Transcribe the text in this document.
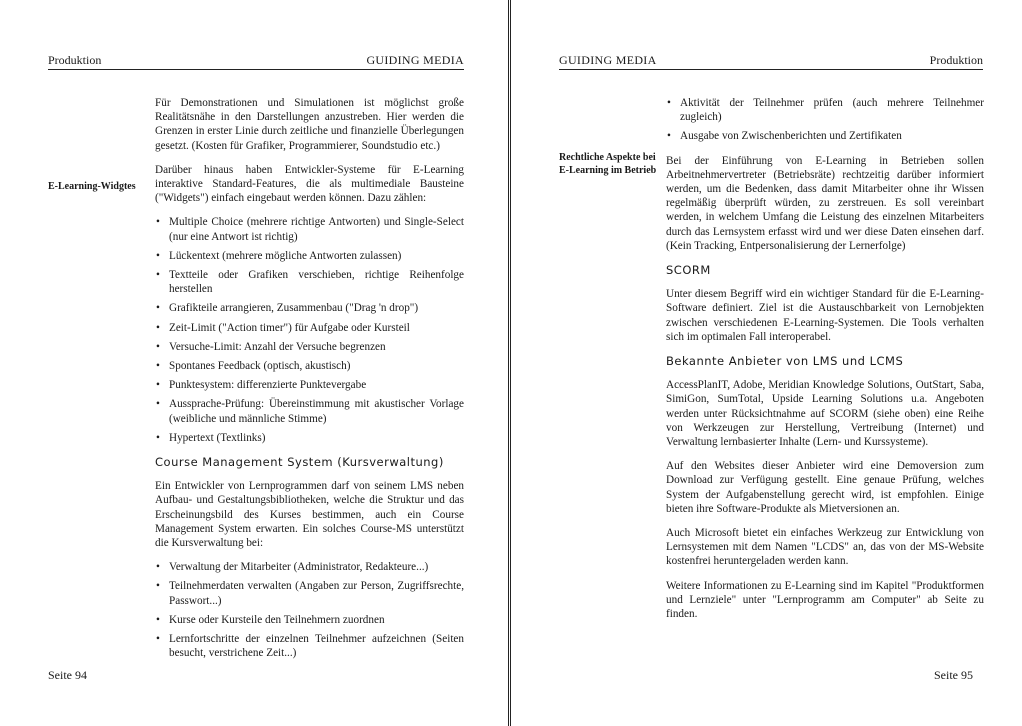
Produktion	GUIDING MEDIA
E-Learning-Widgtes

Für Demonstrationen und Simulationen ist möglichst große Realitätsnähe in den Darstellungen anzustreben. Hier werden die Grenzen in erster Linie durch zeitliche und finanzielle Überlegungen gesetzt. (Kosten für Grafiker, Programmierer, Soundstudio etc.)

Darüber hinaus haben Entwickler-Systeme für E-Learning interaktive Standard-Features, die als multimediale Bausteine ("Widgets") einfach eingebaut werden können. Dazu zählen:

• Multiple Choice (mehrere richtige Antworten) und Single-Select (nur eine Antwort ist richtig)
• Lückentext (mehrere mögliche Antworten zulassen)
• Textteile oder Grafiken verschieben, richtige Reihenfolge herstellen
• Grafikteile arrangieren, Zusammenbau ("Drag 'n drop")
• Zeit-Limit ("Action timer") für Aufgabe oder Kursteil
• Versuche-Limit: Anzahl der Versuche begrenzen
• Spontanes Feedback (optisch, akustisch)
• Punktesystem: differenzierte Punktevergabe
• Aussprache-Prüfung: Übereinstimmung mit akustischer Vorlage (weibliche und männliche Stimme)
• Hypertext (Textlinks)
Course Management System (Kursverwaltung)

Ein Entwickler von Lernprogrammen darf von seinem LMS neben Aufbau- und Gestaltungsbibliotheken, welche die Struktur und das Erscheinungsbild des Kurses bestimmen, auch ein Course Management System erwarten. Ein solches Course-MS unterstützt die Kursverwaltung bei:

• Verwaltung der Mitarbeiter (Administrator, Redakteure...)
• Teilnehmerdaten verwalten (Angaben zur Person, Zugriffsrechte, Passwort...)
• Kurse oder Kursteile den Teilnehmern zuordnen
• Lernfortschritte der einzelnen Teilnehmer aufzeichnen (Seiten besucht, verstrichene Zeit...)
Seite 94
GUIDING MEDIA	Produktion
Rechtliche Aspekte bei E-Learning im Betrieb
• Aktivität der Teilnehmer prüfen (auch mehrere Teilnehmer zugleich)
• Ausgabe von Zwischenberichten und Zertifikaten

Bei der Einführung von E-Learning in Betrieben sollen Arbeitnehmervertreter (Betriebsräte) rechtzeitig darüber informiert werden, um die Bedenken, dass damit Mitarbeiter ohne ihr Wissen regelmäßig überprüft würden, zu zerstreuen. Es soll vereinbart werden, in welchem Umfang die Leistung des einzelnen Mitarbeiters durch das Lernsystem erfasst wird und wer diese Daten einsehen darf. (Kein Tracking, Entpersonalisierung der Lernerfolge)

SCORM

Unter diesem Begriff wird ein wichtiger Standard für die E-Learning-Software definiert. Ziel ist die Austauschbarkeit von Lernobjekten zwischen verschiedenen E-Learning-Systemen. Die Tools verhalten sich im optimalen Fall interoperabel.

Bekannte Anbieter von LMS und LCMS

AccessPlanIT, Adobe, Meridian Knowledge Solutions, OutStart, Saba, SimiGon, SumTotal, Upside Learning Solutions u.a. Angeboten werden unter Rücksichtnahme auf SCORM (siehe oben) eine Reihe von Werkzeugen zur Herstellung, Vertreibung (Internet) und Verwaltung lernbasierter Inhalte (Lern- und Kurssysteme).

Auf den Websites dieser Anbieter wird eine Demoversion zum Download zur Verfügung gestellt. Eine genaue Prüfung, welches System der Aufgabenstellung gerecht wird, ist empfohlen. Einige bieten ihre Software-Produkte als Mietversionen an.

Auch Microsoft bietet ein einfaches Werkzeug zur Entwicklung von Lernsystemen mit dem Namen "LCDS" an, das von der MS-Website kostenfrei heruntergeladen werden kann.

Weitere Informationen zu E-Learning sind im Kapitel "Produktformen und Lernziele" unter "Lernprogramm am Computer" ab Seite zu finden.

Seite 95
